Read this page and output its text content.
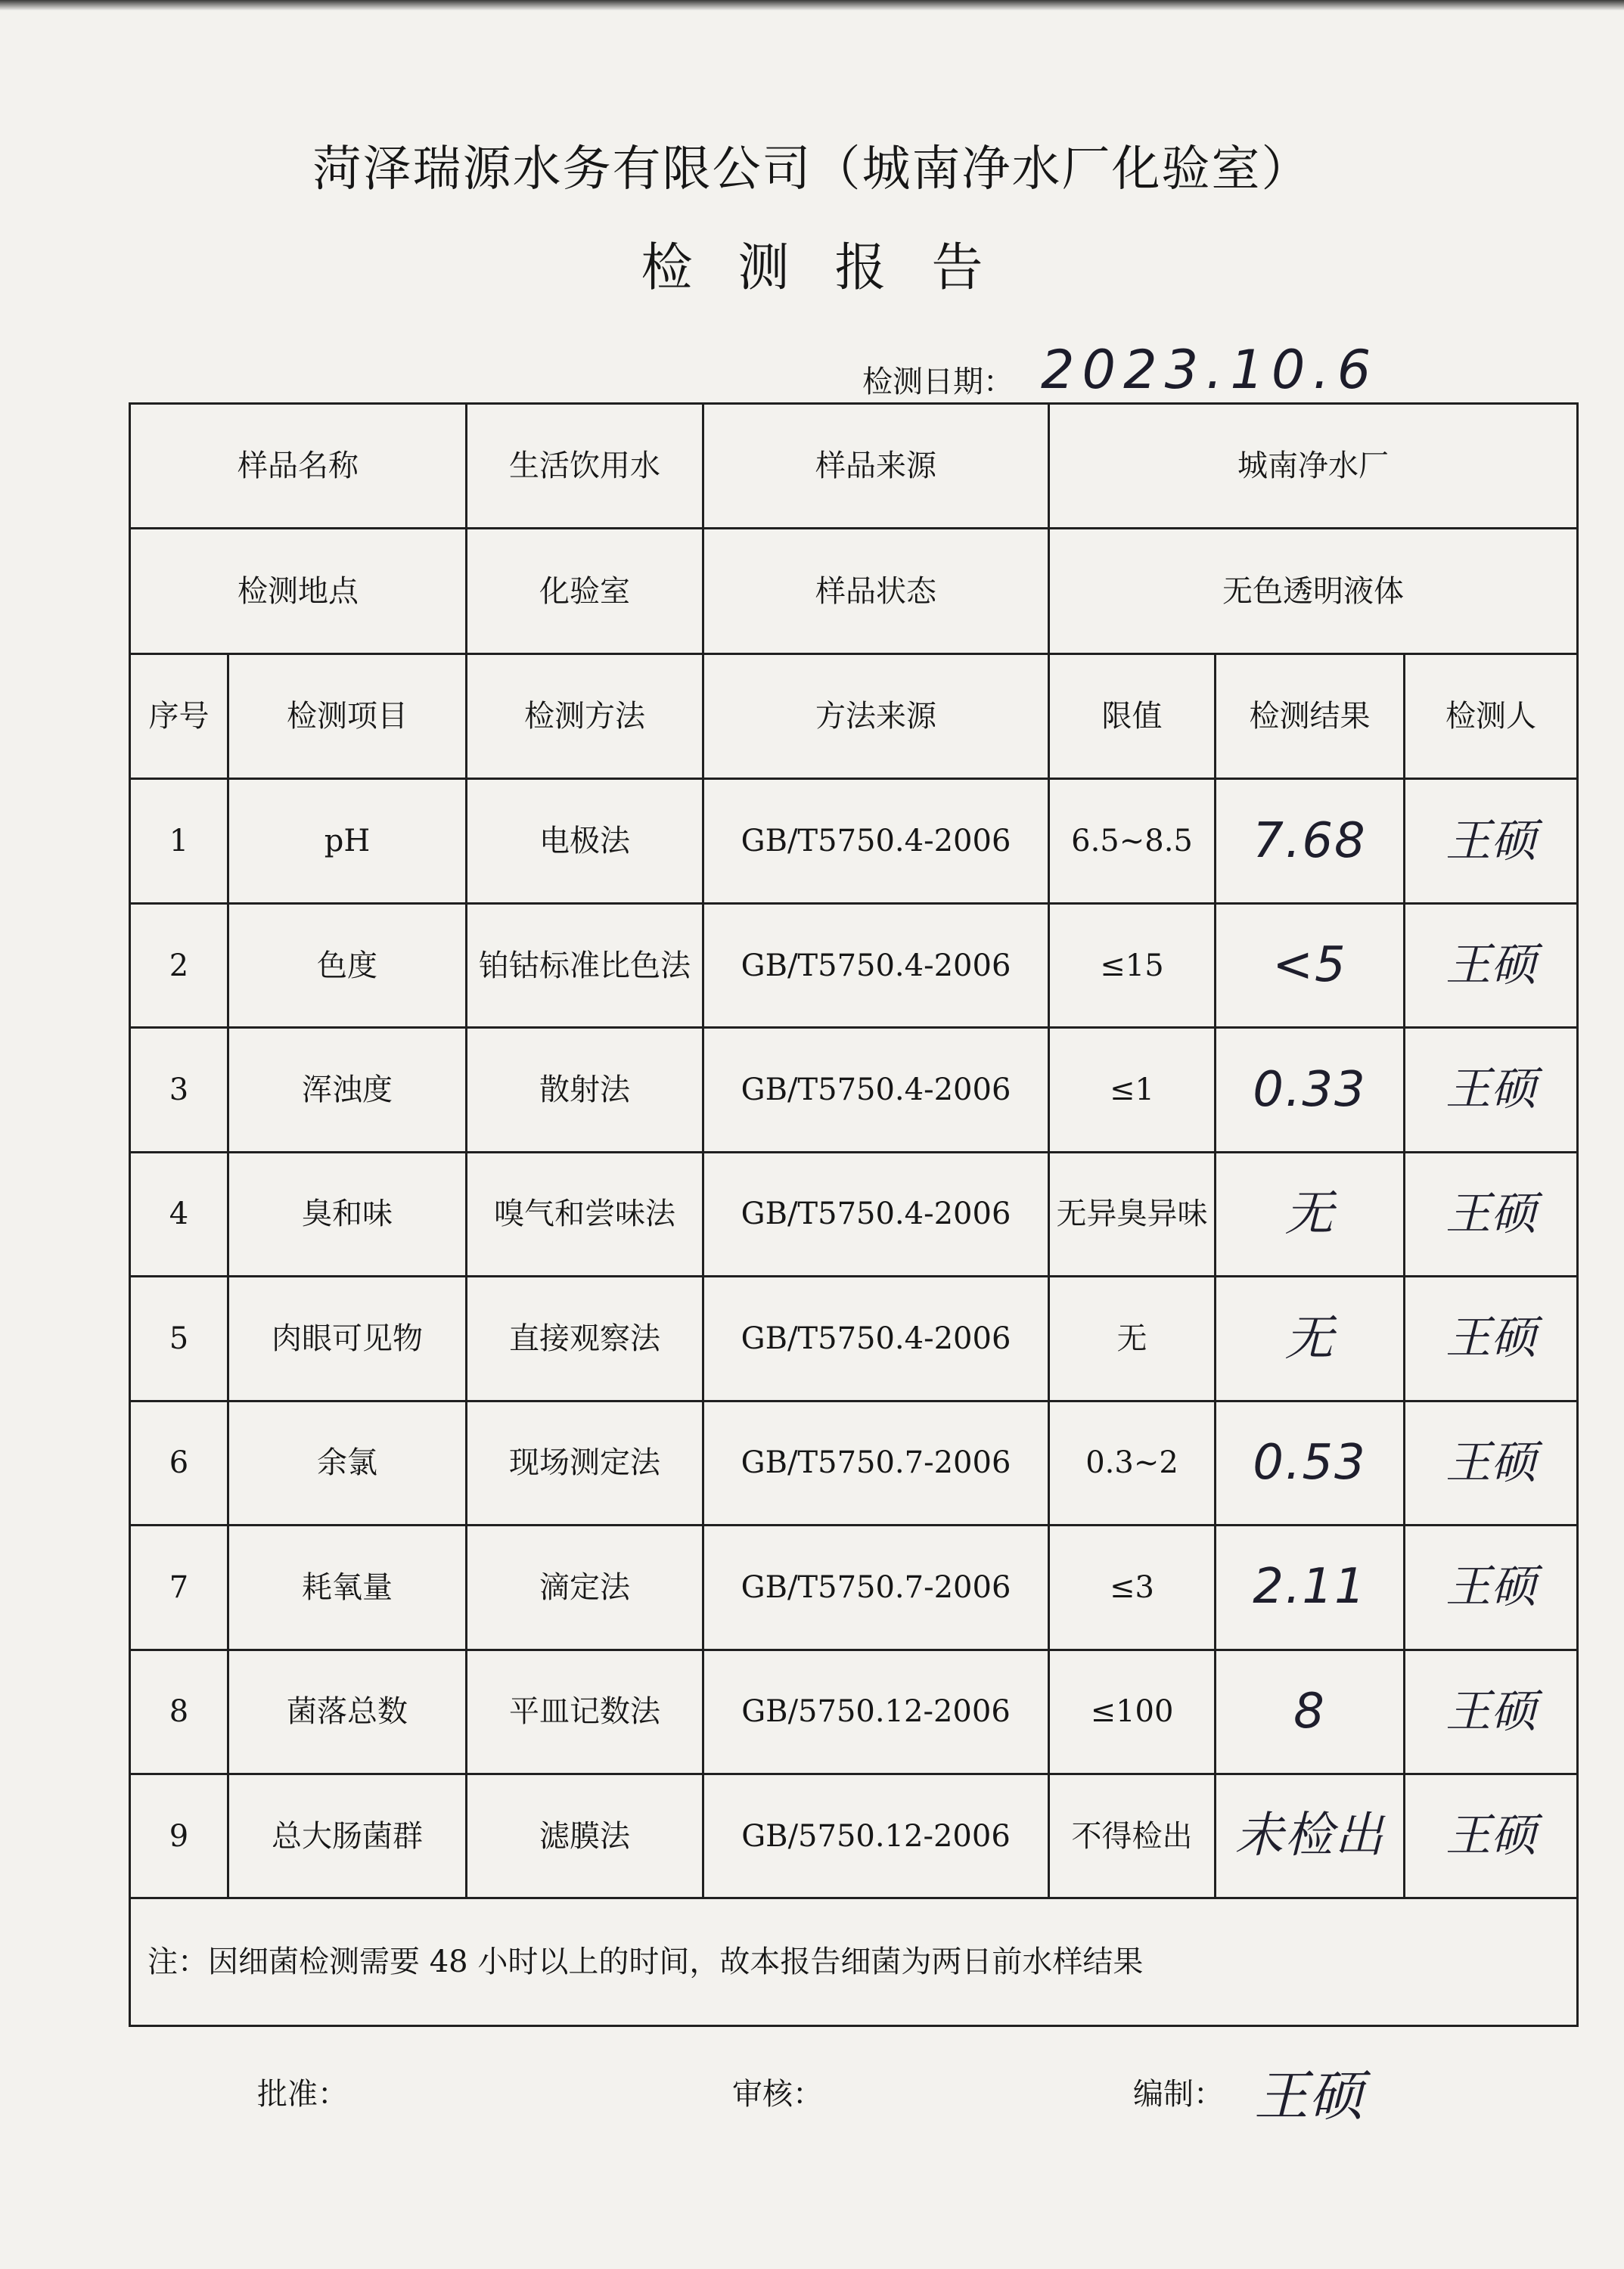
菏泽瑞源水务有限公司（城南净水厂化验室）
检测报告
检测日期： 2023.10.6
样品名称		生活饮用水	样品来源	城南净水厂		
检测地点		化验室	样品状态	无色透明液体		
序号	检测项目	检测方法	方法来源	限值	检测结果	检测人
1	pH	电极法	GB/T5750.4-2006	6.5~8.5	7.68	王硕
2	色度	铂钴标准比色法	GB/T5750.4-2006	≤15	<5	王硕
3	浑浊度	散射法	GB/T5750.4-2006	≤1	0.33	王硕
4	臭和味	嗅气和尝味法	GB/T5750.4-2006	无异臭异味	无	王硕
5	肉眼可见物	直接观察法	GB/T5750.4-2006	无	无	王硕
6	余氯	现场测定法	GB/T5750.7-2006	0.3~2	0.53	王硕
7	耗氧量	滴定法	GB/T5750.7-2006	≤3	2.11	王硕
8	菌落总数	平皿记数法	GB/5750.12-2006	≤100	8	王硕
9	总大肠菌群	滤膜法	GB/5750.12-2006	不得检出	未检出	王硕
注：因细菌检测需要 48 小时以上的时间，故本报告细菌为两日前水样结果						
批准：	审核：	编制： 王硕
